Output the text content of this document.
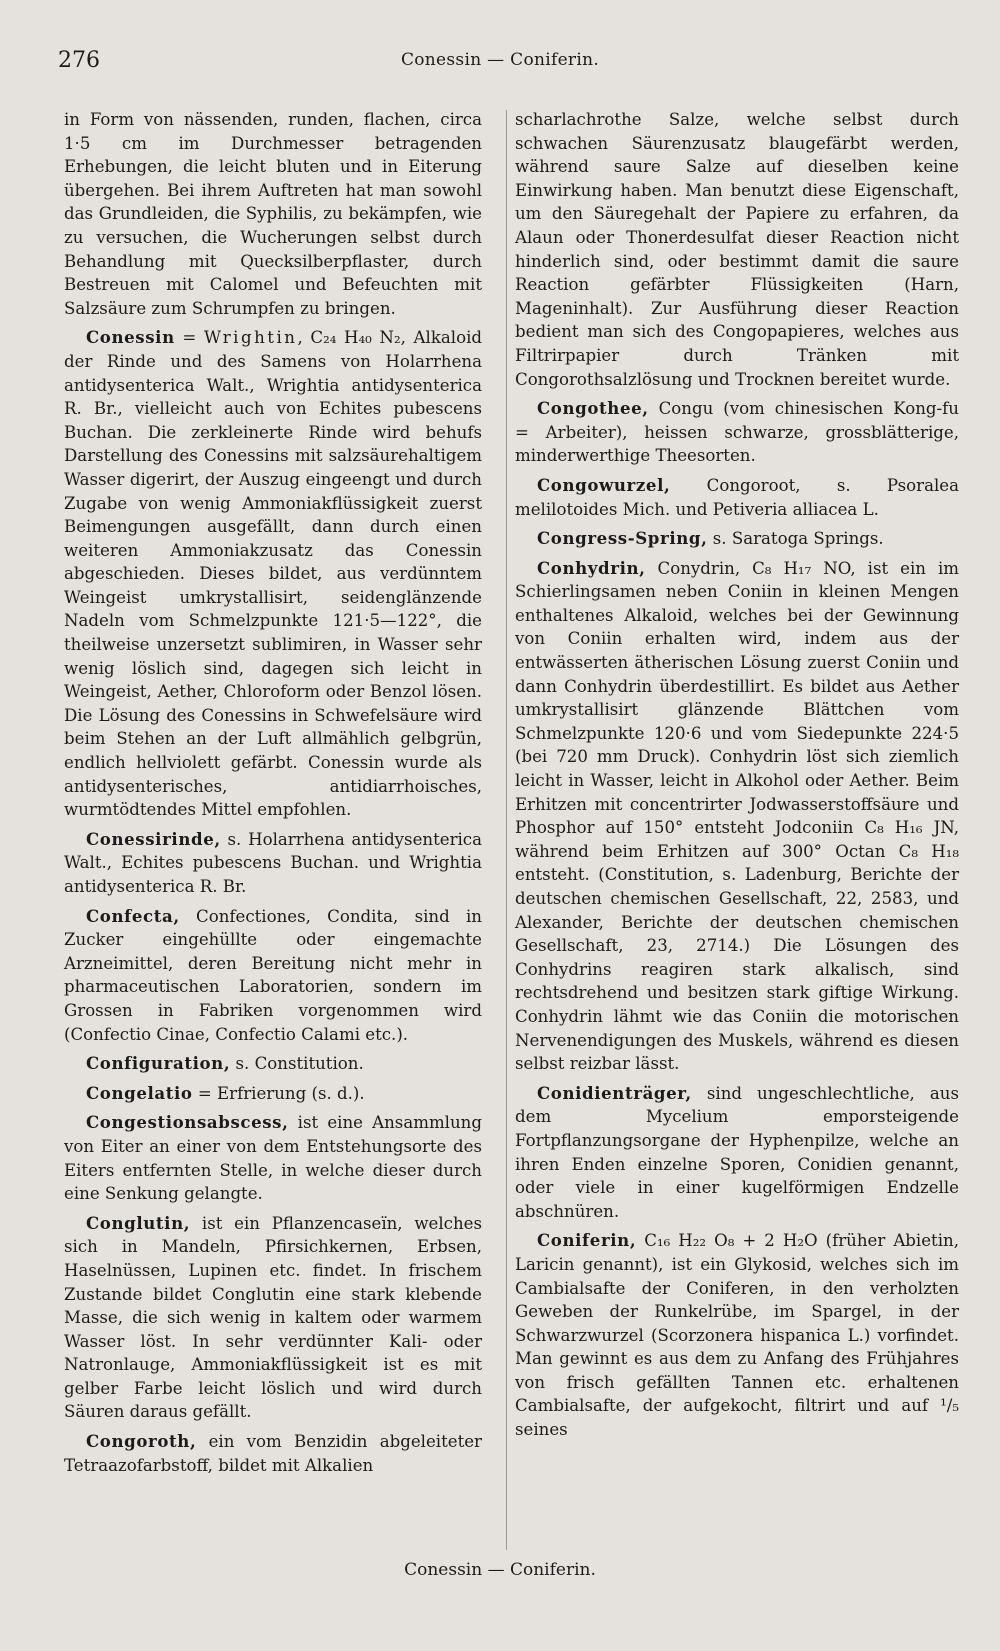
276	Conessin — Coniferin.

in Form von nässenden, runden, flachen, circa 1·5 cm im Durchmesser betragenden Erhebungen, die leicht bluten und in Eiterung übergehen. Bei ihrem Auftreten hat man sowohl das Grundleiden, die Syphilis, zu bekämpfen, wie zu versuchen, die Wucherungen selbst durch Behandlung mit Quecksilberpflaster, durch Bestreuen mit Calomel und Befeuchten mit Salzsäure zum Schrumpfen zu bringen.

Conessin = Wrightin, C₂₄ H₄₀ N₂, Alkaloid der Rinde und des Samens von Holarrhena antidysenterica Walt., Wrightia antidysenterica R. Br., vielleicht auch von Echites pubescens Buchan. Die zerkleinerte Rinde wird behufs Darstellung des Conessins mit salzsäurehaltigem Wasser digerirt, der Auszug eingeengt und durch Zugabe von wenig Ammoniakflüssigkeit zuerst Beimengungen ausgefällt, dann durch einen weiteren Ammoniakzusatz das Conessin abgeschieden. Dieses bildet, aus verdünntem Weingeist umkrystallisirt, seidenglänzende Nadeln vom Schmelzpunkte 121·5—122°, die theilweise unzersetzt sublimiren, in Wasser sehr wenig löslich sind, dagegen sich leicht in Weingeist, Aether, Chloroform oder Benzol lösen. Die Lösung des Conessins in Schwefelsäure wird beim Stehen an der Luft allmählich gelbgrün, endlich hellviolett gefärbt. Conessin wurde als antidysenterisches, antidiarrhoisches, wurmtödtendes Mittel empfohlen.

Conessirinde, s. Holarrhena antidysenterica Walt., Echites pubescens Buchan. und Wrightia antidysenterica R. Br.

Confecta, Confectiones, Condita, sind in Zucker eingehüllte oder eingemachte Arzneimittel, deren Bereitung nicht mehr in pharmaceutischen Laboratorien, sondern im Grossen in Fabriken vorgenommen wird (Confectio Cinae, Confectio Calami etc.).

Configuration, s. Constitution.

Congelatio = Erfrierung (s. d.).

Congestionsabscess, ist eine Ansammlung von Eiter an einer von dem Entstehungsorte des Eiters entfernten Stelle, in welche dieser durch eine Senkung gelangte.

Conglutin, ist ein Pflanzencaseïn, welches sich in Mandeln, Pfirsichkernen, Erbsen, Haselnüssen, Lupinen etc. findet. In frischem Zustande bildet Conglutin eine stark klebende Masse, die sich wenig in kaltem oder warmem Wasser löst. In sehr verdünnter Kali- oder Natronlauge, Ammoniakflüssigkeit ist es mit gelber Farbe leicht löslich und wird durch Säuren daraus gefällt.

Congoroth, ein vom Benzidin abgeleiteter Tetraazofarbstoff, bildet mit Alkalien

scharlachrothe Salze, welche selbst durch schwachen Säurenzusatz blaugefärbt werden, während saure Salze auf dieselben keine Einwirkung haben. Man benutzt diese Eigenschaft, um den Säuregehalt der Papiere zu erfahren, da Alaun oder Thonerdesulfat dieser Reaction nicht hinderlich sind, oder bestimmt damit die saure Reaction gefärbter Flüssigkeiten (Harn, Mageninhalt). Zur Ausführung dieser Reaction bedient man sich des Congopapieres, welches aus Filtrirpapier durch Tränken mit Congorothsalzlösung und Trocknen bereitet wurde.

Congothee, Congu (vom chinesischen Kong-fu = Arbeiter), heissen schwarze, grossblätterige, minderwerthige Theesorten.

Congowurzel, Congoroot, s. Psoralea melilotoides Mich. und Petiveria alliacea L.

Congress-Spring, s. Saratoga Springs.

Conhydrin, Conydrin, C₈ H₁₇ NO, ist ein im Schierlingsamen neben Coniin in kleinen Mengen enthaltenes Alkaloid, welches bei der Gewinnung von Coniin erhalten wird, indem aus der entwässerten ätherischen Lösung zuerst Coniin und dann Conhydrin überdestillirt. Es bildet aus Aether umkrystallisirt glänzende Blättchen vom Schmelzpunkte 120·6 und vom Siedepunkte 224·5 (bei 720 mm Druck). Conhydrin löst sich ziemlich leicht in Wasser, leicht in Alkohol oder Aether. Beim Erhitzen mit concentrirter Jodwasserstoffsäure und Phosphor auf 150° entsteht Jodconiin C₈ H₁₆ JN, während beim Erhitzen auf 300° Octan C₈ H₁₈ entsteht. (Constitution, s. Ladenburg, Berichte der deutschen chemischen Gesellschaft, 22, 2583, und Alexander, Berichte der deutschen chemischen Gesellschaft, 23, 2714.) Die Lösungen des Conhydrins reagiren stark alkalisch, sind rechtsdrehend und besitzen stark giftige Wirkung. Conhydrin lähmt wie das Coniin die motorischen Nervenendigungen des Muskels, während es diesen selbst reizbar lässt.

Conidienträger, sind ungeschlechtliche, aus dem Mycelium emporsteigende Fortpflanzungsorgane der Hyphenpilze, welche an ihren Enden einzelne Sporen, Conidien genannt, oder viele in einer kugelförmigen Endzelle abschnüren.

Coniferin, C₁₆ H₂₂ O₈ + 2 H₂O (früher Abietin, Laricin genannt), ist ein Glykosid, welches sich im Cambialsafte der Coniferen, in den verholzten Geweben der Runkelrübe, im Spargel, in der Schwarzwurzel (Scorzonera hispanica L.) vorfindet. Man gewinnt es aus dem zu Anfang des Frühjahres von frisch gefällten Tannen etc. erhaltenen Cambialsafte, der aufgekocht, filtrirt und auf ¹/₅ seines

Conessin — Coniferin.
